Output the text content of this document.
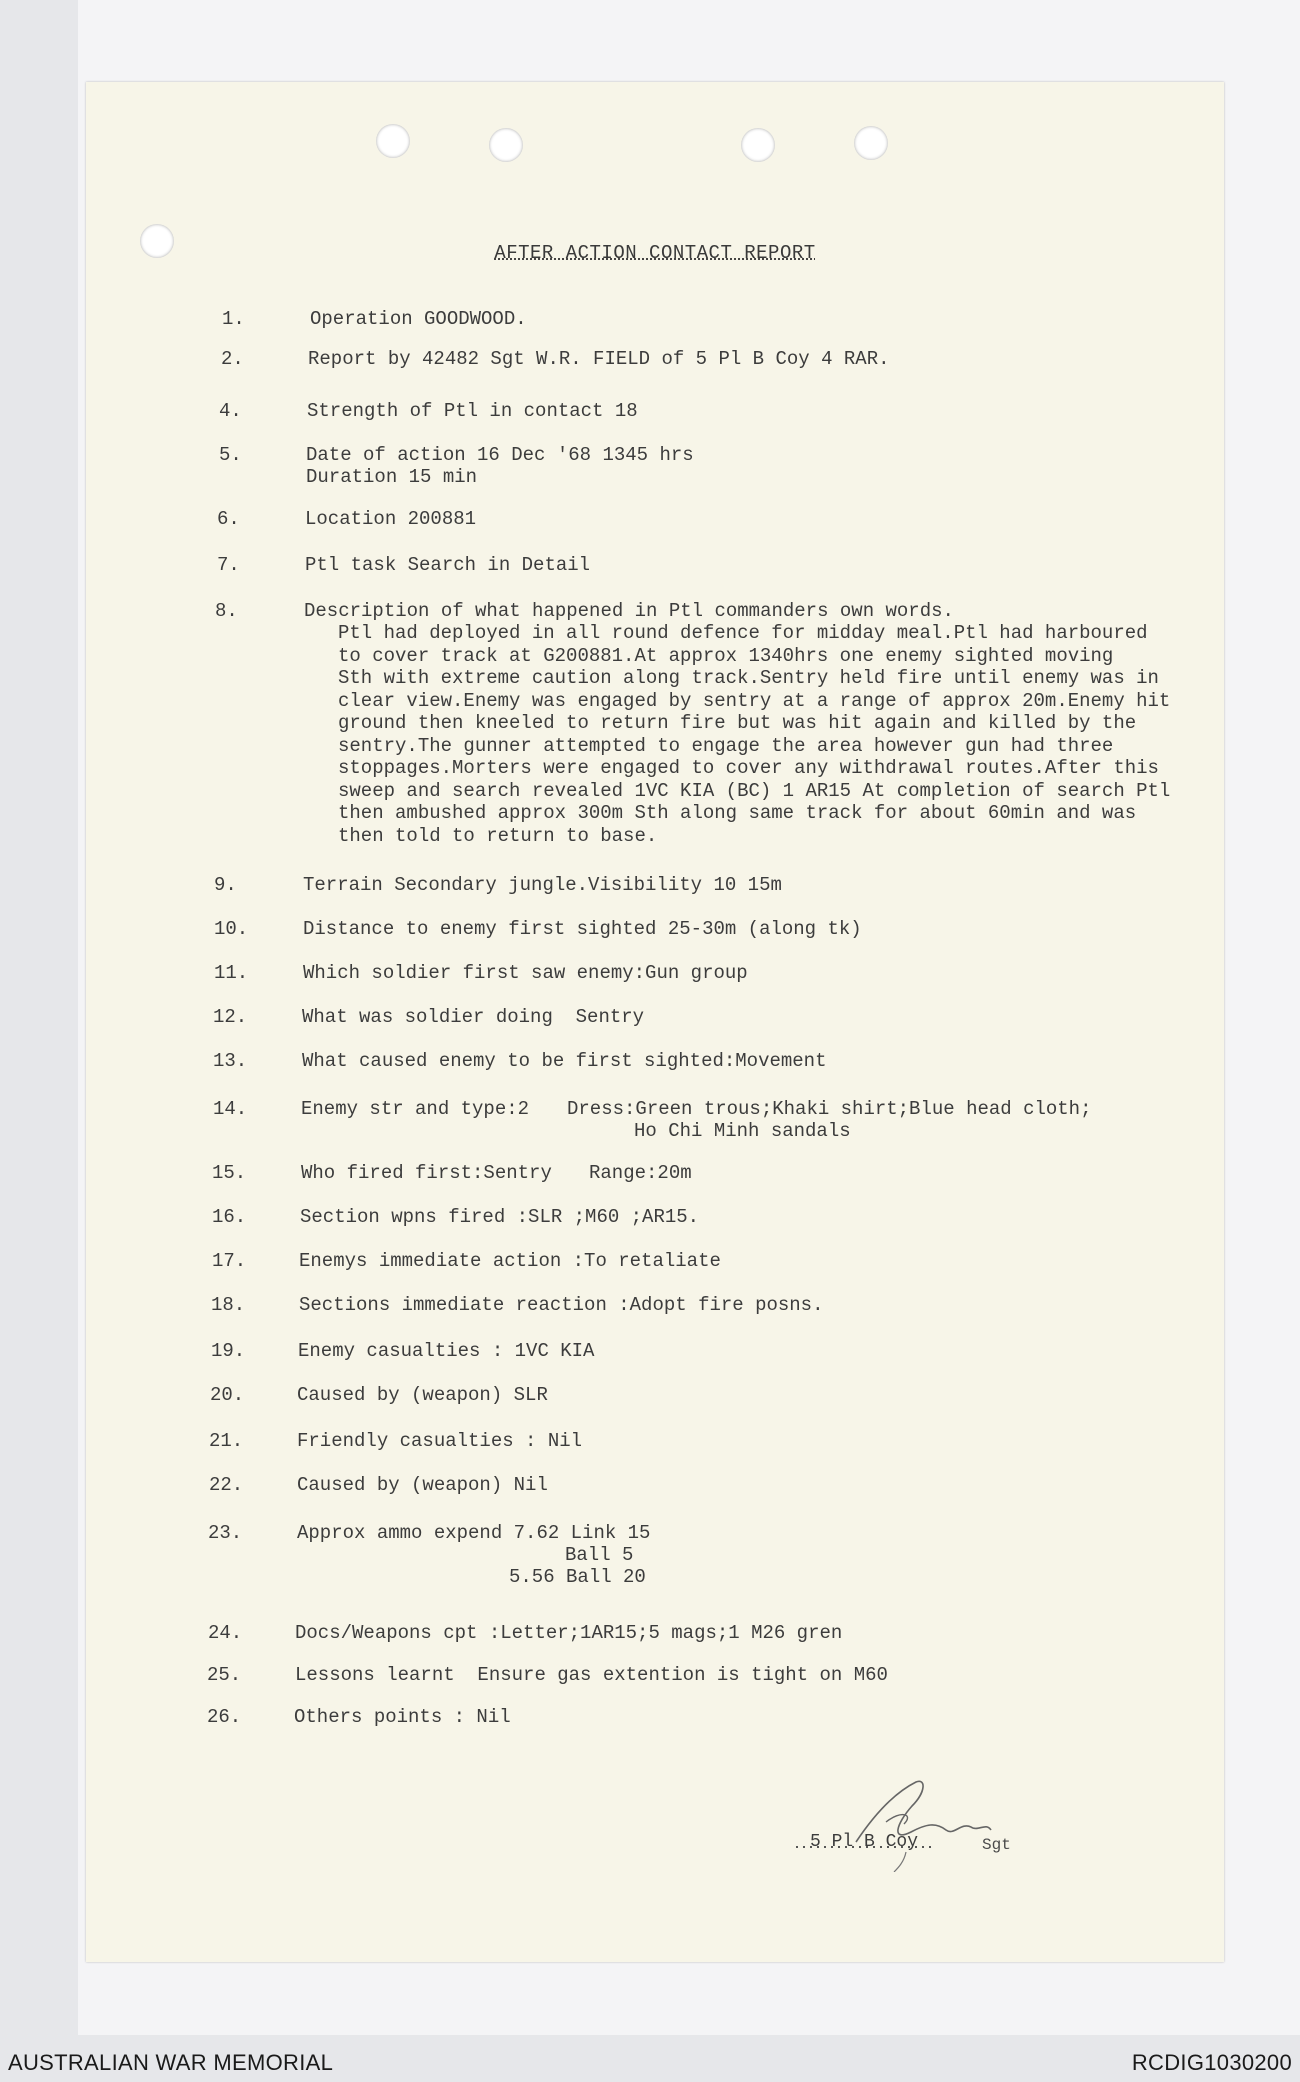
AFTER ACTION CONTACT REPORT
1.	Operation GOODWOOD.
2.	Report by 42482 Sgt W.R. FIELD of 5 Pl B Coy 4 RAR.
4.	Strength of Ptl in contact 18
5.	Date of action 16 Dec '68 1345 hrs
Duration 15 min
6.	Location 200881
7.	Ptl task Search in Detail
8.	Description of what happened in Ptl commanders own words.
Ptl had deployed in all round defence for midday meal.Ptl had harboured
to cover track at G200881.At approx 1340hrs one enemy sighted moving
Sth with extreme caution along track.Sentry held fire until enemy was in
clear view.Enemy was engaged by sentry at a range of approx 20m.Enemy hit
ground then kneeled to return fire but was hit again and killed by the
sentry.The gunner attempted to engage the area however gun had three
stoppages.Morters were engaged to cover any withdrawal routes.After this
sweep and search revealed 1VC KIA (BC) 1 AR15 At completion of search Ptl
then ambushed approx 300m Sth along same track for about 60min and was
then told to return to base.
9.	Terrain Secondary jungle.Visibility 10 15m
10.	Distance to enemy first sighted 25-30m (along tk)
11.	Which soldier first saw enemy:Gun group
12.	What was soldier doing  Sentry
13.	What caused enemy to be first sighted:Movement
14.	Enemy str and type:2 Dress:Green trous;Khaki shirt;Blue head cloth;
Ho Chi Minh sandals
15.	Who fired first:Sentry Range:20m
16.	Section wpns fired :SLR ;M60 ;AR15.
17.	Enemys immediate action :To retaliate
18.	Sections immediate reaction :Adopt fire posns.
19.	Enemy casualties : 1VC KIA
20.	Caused by (weapon) SLR
21.	Friendly casualties : Nil
22.	Caused by (weapon) Nil
23.	Approx ammo expend 7.62 Link 15
Ball 5
5.56 Ball 20
24.	Docs/Weapons cpt :Letter;1AR15;5 mags;1 M26 gren
25.	Lessons learnt  Ensure gas extention is tight on M60
26.	Others points : Nil
Sgt
5 Pl B Coy
AUSTRALIAN WAR MEMORIAL	RCDIG1030200
